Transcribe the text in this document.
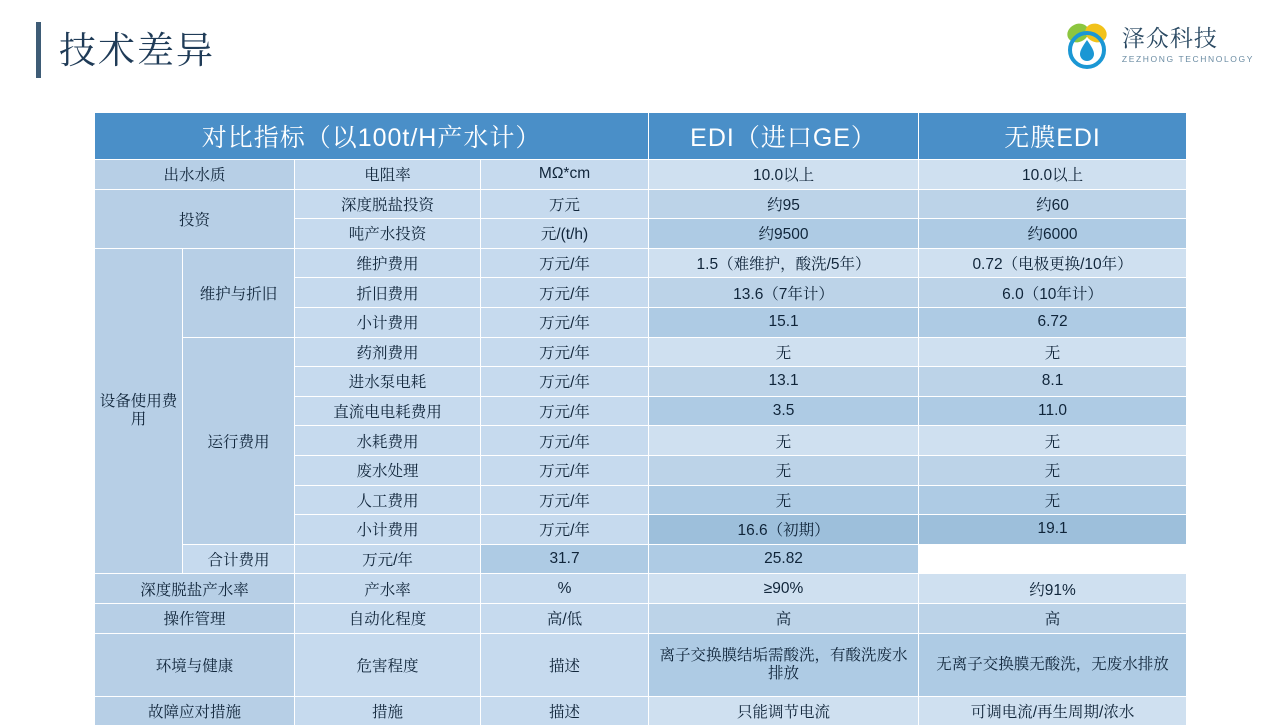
技术差异	泽众科技
ZEZHONG TECHNOLOGY
对比指标（以100t/H产水计）				EDI（进口GE）	无膜EDI
出水水质		电阻率	MΩ*cm	10.0以上	10.0以上
投资		深度脱盐投资	万元	约95	约60
		吨产水投资	元/(t/h)	约9500	约6000
设备使用费用	维护与折旧	维护费用	万元/年	1.5（难维护，酸洗/5年）	0.72（电极更换/10年）
		折旧费用	万元/年	13.6（7年计）	6.0（10年计）
		小计费用	万元/年	15.1	6.72
	运行费用	药剂费用	万元/年	无	无
		进水泵电耗	万元/年	13.1	8.1
		直流电电耗费用	万元/年	3.5	11.0
		水耗费用	万元/年	无	无
		废水处理	万元/年	无	无
		人工费用	万元/年	无	无
		小计费用	万元/年	16.6（初期）	19.1
	合计费用	万元/年	31.7	25.82	
深度脱盐产水率		产水率	%	≥90%	约91%
操作管理		自动化程度	高/低	高	高
环境与健康		危害程度	描述	离子交换膜结垢需酸洗，有酸洗废水排放	无离子交换膜无酸洗，无废水排放
故障应对措施		措施	描述	只能调节电流	可调电流/再生周期/浓水
